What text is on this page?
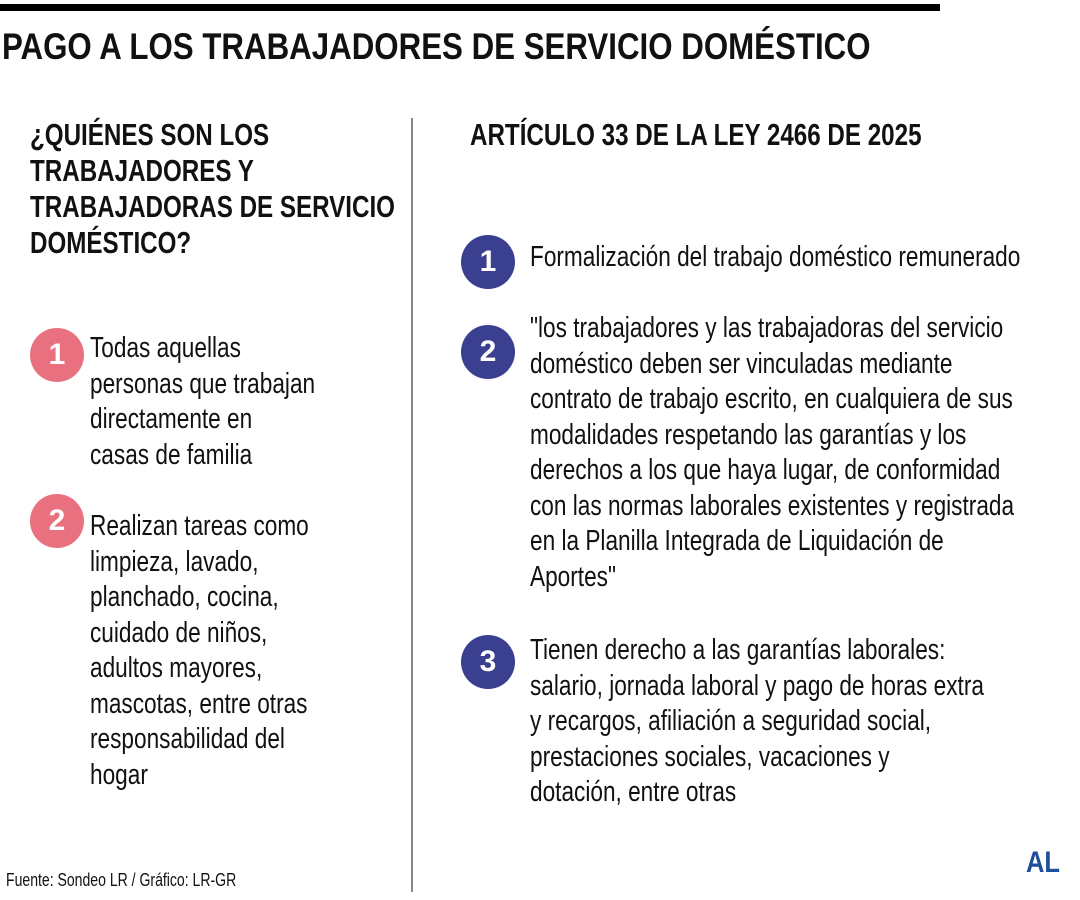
PAGO A LOS TRABAJADORES DE SERVICIO DOMÉSTICO
¿QUIÉNES SON LOS
TRABAJADORES Y
TRABAJADORAS DE SERVICIO
DOMÉSTICO?
1 Todas aquellas
personas que trabajan
directamente en
casas de familia
2 Realizan tareas como
limpieza, lavado,
planchado, cocina,
cuidado de niños,
adultos mayores,
mascotas, entre otras
responsabilidad del
hogar
ARTÍCULO 33 DE LA LEY 2466 DE 2025
1	Formalización del trabajo doméstico remunerado
2
"los trabajadores y las trabajadoras del servicio
doméstico deben ser vinculadas mediante
contrato de trabajo escrito, en cualquiera de sus
modalidades respetando las garantías y los
derechos a los que haya lugar, de conformidad
con las normas laborales existentes y registrada
en la Planilla Integrada de Liquidación de
Aportes"
3	Tienen derecho a las garantías laborales:
salario, jornada laboral y pago de horas extra
y recargos, afiliación a seguridad social,
prestaciones sociales, vacaciones y
dotación, entre otras
Fuente: Sondeo LR / Gráfico: LR-GR
AL
